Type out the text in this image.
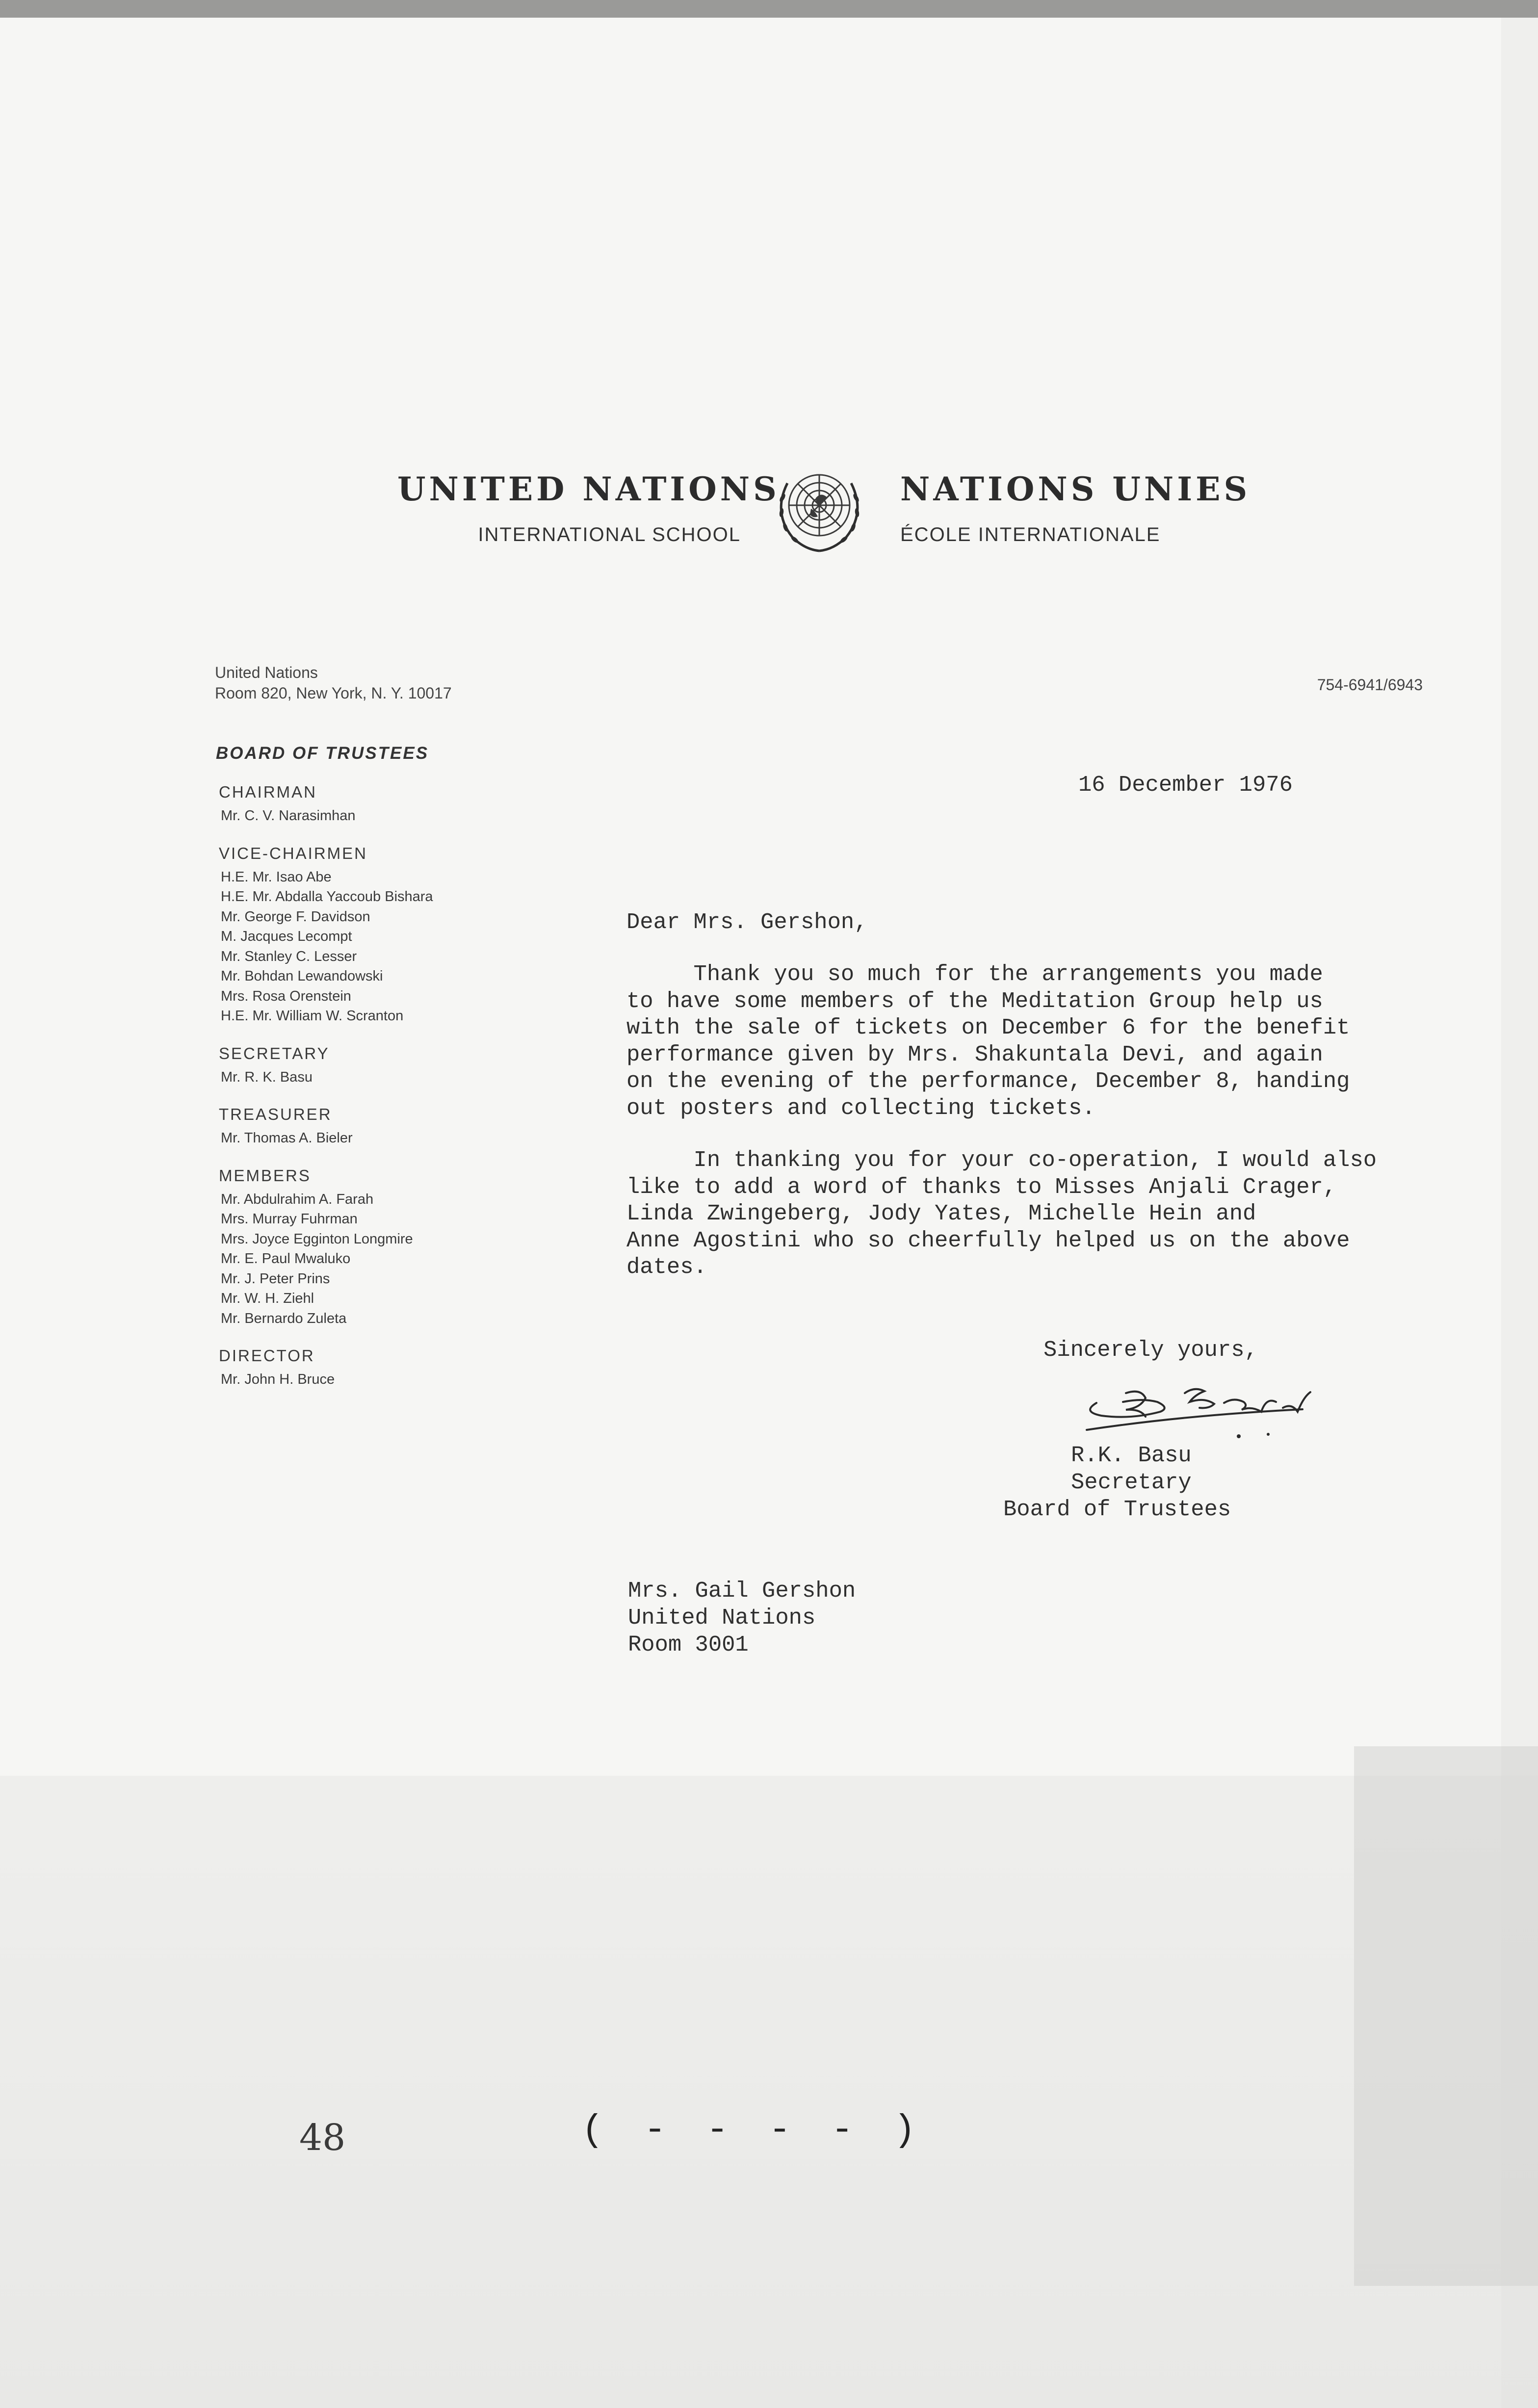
UNITED NATIONS
INTERNATIONAL SCHOOL
NATIONS UNIES
ÉCOLE INTERNATIONALE
United Nations
Room 820, New York, N. Y. 10017	754-6941/6943
BOARD OF TRUSTEES
CHAIRMAN
Mr. C. V. Narasimhan
VICE-CHAIRMEN
H.E. Mr. Isao Abe
H.E. Mr. Abdalla Yaccoub Bishara
Mr. George F. Davidson
M. Jacques Lecompt
Mr. Stanley C. Lesser
Mr. Bohdan Lewandowski
Mrs. Rosa Orenstein
H.E. Mr. William W. Scranton
SECRETARY
Mr. R. K. Basu
TREASURER
Mr. Thomas A. Bieler
MEMBERS
Mr. Abdulrahim A. Farah
Mrs. Murray Fuhrman
Mrs. Joyce Egginton Longmire
Mr. E. Paul Mwaluko
Mr. J. Peter Prins
Mr. W. H. Ziehl
Mr. Bernardo Zuleta
DIRECTOR
Mr. John H. Bruce
16 December 1976
Dear Mrs. Gershon,
Thank you so much for the arrangements you made
to have some members of the Meditation Group help us
with the sale of tickets on December 6 for the benefit
performance given by Mrs. Shakuntala Devi, and again
on the evening of the performance, December 8, handing
out posters and collecting tickets.
In thanking you for your co-operation, I would also
like to add a word of thanks to Misses Anjali Crager,
Linda Zwingeberg, Jody Yates, Michelle Hein and
Anne Agostini who so cheerfully helped us on the above
dates.
Sincerely yours,
R.K. Basu
Secretary
Board of Trustees
Mrs. Gail Gershon
United Nations
Room 3001
48	( - - - - )
